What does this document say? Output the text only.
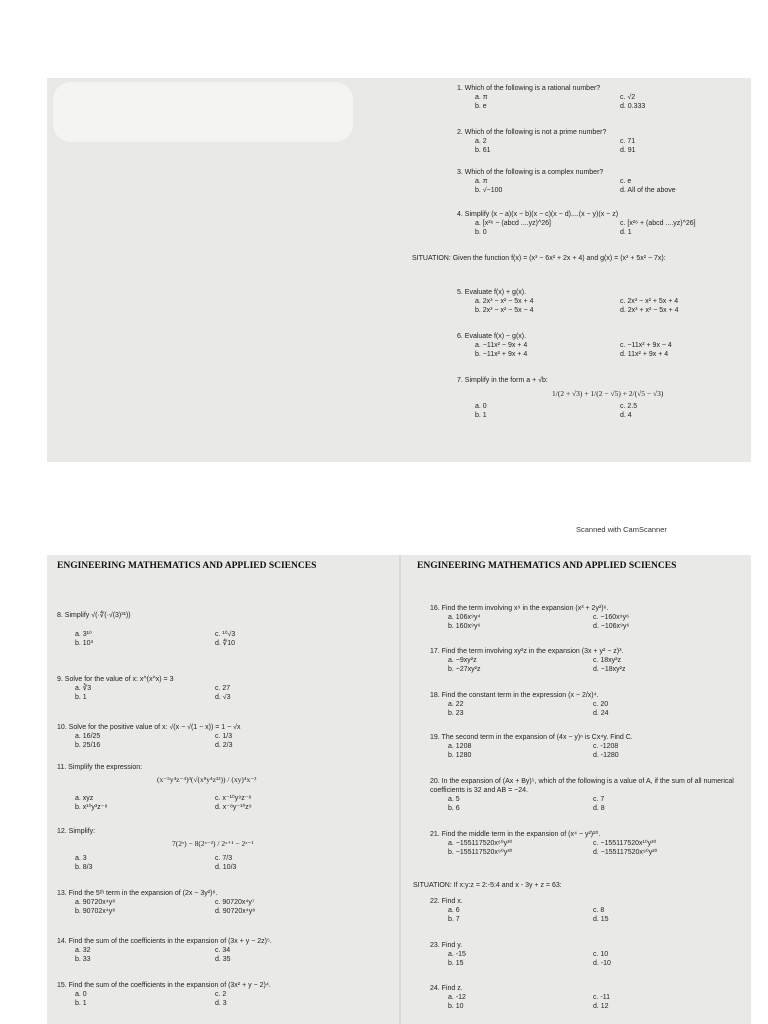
1. Which of the following is a rational number?
a. π	c. √2
b. e	d. 0.333
2. Which of the following is not a prime number?
a. 2	c. 71
b. 61	d. 91
3. Which of the following is a complex number?
a. π	c. e
b. √−100	d. All of the above
4. Simplify (x − a)(x − b)(x − c)(x − d)....(x − y)(x − z)
a. [x²⁶ − (abcd ....yz)^26]	c. [x²⁶ + (abcd ....yz)^26]
b. 0	d. 1
SITUATION: Given the function f(x) = (x³ − 6x² + 2x + 4) and g(x) = (x³ + 5x² − 7x):
5. Evaluate f(x) + g(x).
a. 2x³ − x² − 5x + 4	c. 2x³ − x² + 5x + 4
b. 2x³ − x² − 5x − 4	d. 2x³ + x² − 5x + 4
6. Evaluate f(x) − g(x).
a. −11x² − 9x + 4	c. −11x² + 9x − 4
b. −11x² + 9x + 4	d. 11x² + 9x + 4
7. Simplify in the form a + √b:
1/(2 + √3) + 1/(2 − √5) + 2/(√5 − √3)
a. 0	c. 2.5
b. 1	d. 4
Scanned with CamScanner
ENGINEERING MATHEMATICS AND APPLIED SCIENCES	ENGINEERING MATHEMATICS AND APPLIED SCIENCES
8. Simplify √(·∜(·√(3)³¹))
a. 3¹⁰	c. ¹⁰√3
b. 10³	d. ∜10
9. Solve for the value of x: x^(x^x) = 3
a. ∛3	c. 27
b. 1	d. √3
10. Solve for the positive value of x: √(x − √(1 − x)) = 1 − √x
a. 16/25	c. 1/3
b. 25/16	d. 2/3
11. Simplify the expression:
(x⁻⁵y⁴z⁻⁴)³(√(x⁸y⁴z³²)) / (xy)⁴x⁻³
a. xyz	c. x⁻¹⁰y⁹z⁻⁸
b. x¹⁰y³z⁻⁸	d. x⁻⁸y⁻¹⁰z⁹
12. Simplify:
7(2ˣ) − 8(2ˣ⁻²) / 2ˣ⁺¹ − 2ˣ⁻¹
a. 3	c. 7/3
b. 8/3	d. 10/3
13. Find the 5ᵗʰ term in the expansion of (2x − 3y²)⁸.
a. 90720x⁴y⁸	c. 90720x⁴y⁷
b. 90702x⁴y⁸	d. 90720x⁴y⁸
14. Find the sum of the coefficients in the expansion of (3x + y − 2z)⁵.
a. 32	c. 34
b. 33	d. 35
15. Find the sum of the coefficients in the expansion of (3x² + y − 2)⁴.
a. 0	c. 2
b. 1	d. 3
16. Find the term involving x⁹ in the expansion (x³ + 2y²)⁶.
a. 106x⁹y⁴	c. −160x⁹y⁶
b. 160x⁹y⁶	d. −106x⁹y⁶
17. Find the term involving xy²z in the expansion (3x + y² − z)³.
a. −9xy²z	c. 18xy²z
b. −27xy²z	d. −18xy²z
18. Find the constant term in the expression (x − 2/x)⁴.
a. 22	c. 20
b. 23	d. 24
19. The second term in the expansion of (4x − y)ⁿ is Cx⁴y. Find C.
a. 1208	c. -1208
b. 1280	d. -1280
20. In the expansion of (Ax + By)⁵, which of the following is a value of A, if the sum of all numerical coefficients is 32 and AB = −24.
a. 5	c. 7
b. 6	d. 8
21. Find the middle term in the expansion of (x⁴ − y²)²⁰.
a. −155117520x⁶⁰y³⁰	c. −155117520x¹⁰y³⁰
b. −155117520x⁹⁰y³⁰	d. −155117520x⁹⁰y²⁰
SITUATION: If x:y:z = 2:-5:4 and x - 3y + z = 63:
22. Find x.
a. 6	c. 8
b. 7	d. 15
23. Find y.
a. -15	c. 10
b. 15	d. -10
24. Find z.
a. -12	c. -11
b. 10	d. 12
